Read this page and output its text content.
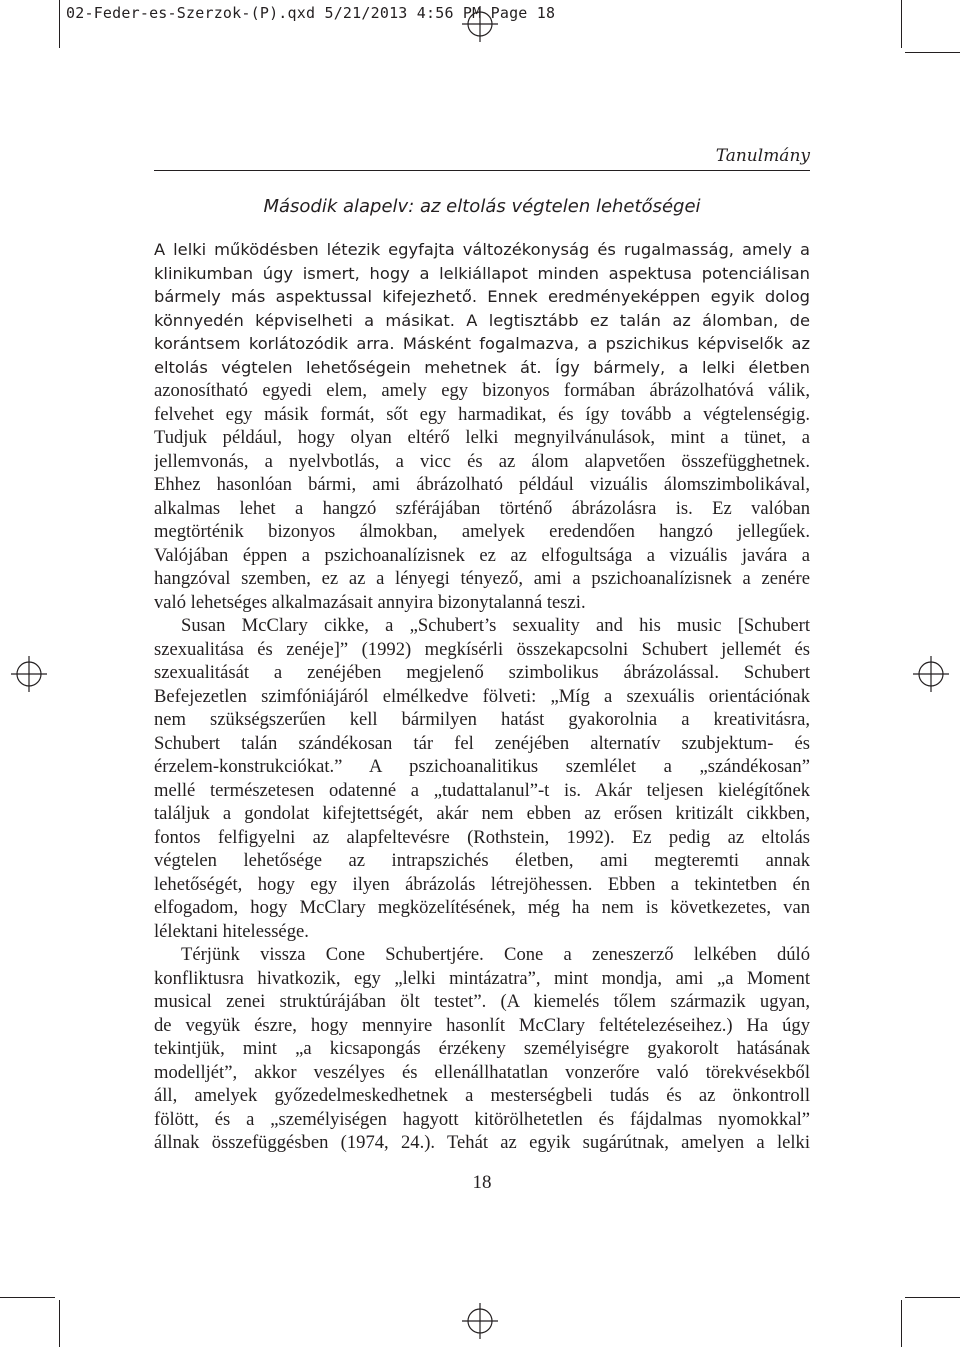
02-Feder-es-Szerzok-(P).qxd 5/21/2013 4:56 PM Page 18
Tanulmány
Második alapelv: az eltolás végtelen lehetőségei
A lelki működésben létezik egyfajta változékonyság és rugalmasság, amely a
klinikumban úgy ismert, hogy a lelkiállapot minden aspektusa potenciálisan
bármely más aspektussal kifejezhető. Ennek eredményeképpen egyik dolog
könnyedén képviselheti a másikat. A legtisztább ez talán az álomban, de
korántsem korlátozódik arra. Másként fogalmazva, a pszichikus képviselők az
eltolás végtelen lehetőségein mehetnek át. Így bármely, a lelki életben
azonosítható egyedi elem, amely egy bizonyos formában ábrázolhatóvá válik,
felvehet egy másik formát, sőt egy harmadikat, és így tovább a végtelenségig.
Tudjuk például, hogy olyan eltérő lelki megnyilvánulások, mint a tünet, a
jellemvonás, a nyelvbotlás, a vicc és az álom alapvetően összefügghetnek.
Ehhez hasonlóan bármi, ami ábrázolható például vizuális álomszimbolikával,
alkalmas lehet a hangzó szférájában történő ábrázolásra is. Ez valóban
megtörténik bizonyos álmokban, amelyek eredendően hangzó jellegűek.
Valójában éppen a pszichoanalízisnek ez az elfogultsága a vizuális javára a
hangzóval szemben, ez az a lényegi tényező, ami a pszichoanalízisnek a zenére
való lehetséges alkalmazásait annyira bizonytalanná teszi.
Susan McClary cikke, a „Schubert’s sexuality and his music [Schubert
szexualitása és zenéje]” (1992) megkísérli összekapcsolni Schubert jellemét és
szexualitását a zenéjében megjelenő szimbolikus ábrázolással. Schubert
Befejezetlen szimfóniájáról elmélkedve fölveti: „Míg a szexuális orientációnak
nem szükségszerűen kell bármilyen hatást gyakorolnia a kreativitásra,
Schubert talán szándékosan tár fel zenéjében alternatív szubjektum- és
érzelem-konstrukciókat.” A pszichoanalitikus szemlélet a „szándékosan”
mellé természetesen odatenné a „tudattalanul”-t is. Akár teljesen kielégítőnek
találjuk a gondolat kifejtettségét, akár nem ebben az erősen kritizált cikkben,
fontos felfigyelni az alapfeltevésre (Rothstein, 1992). Ez pedig az eltolás
végtelen lehetősége az intrapszichés életben, ami megteremti annak
lehetőségét, hogy egy ilyen ábrázolás létrejöhessen. Ebben a tekintetben én
elfogadom, hogy McClary megközelítésének, még ha nem is következetes, van
lélektani hitelessége.
Térjünk vissza Cone Schubertjére. Cone a zeneszerző lelkében dúló
konfliktusra hivatkozik, egy „lelki mintázatra”, mint mondja, ami „a Moment
musical zenei struktúrájában ölt testet”. (A kiemelés tőlem származik ugyan,
de vegyük észre, hogy mennyire hasonlít McClary feltételezéseihez.) Ha úgy
tekintjük, mint „a kicsapongás érzékeny személyiségre gyakorolt hatásának
modelljét”, akkor veszélyes és ellenállhatatlan vonzerőre való törekvésekből
áll, amelyek győzedelmeskedhetnek a mesterségbeli tudás és az önkontroll
fölött, és a „személyiségen hagyott kitörölhetetlen és fájdalmas nyomokkal”
állnak összefüggésben (1974, 24.). Tehát az egyik sugárútnak, amelyen a lelki
18
